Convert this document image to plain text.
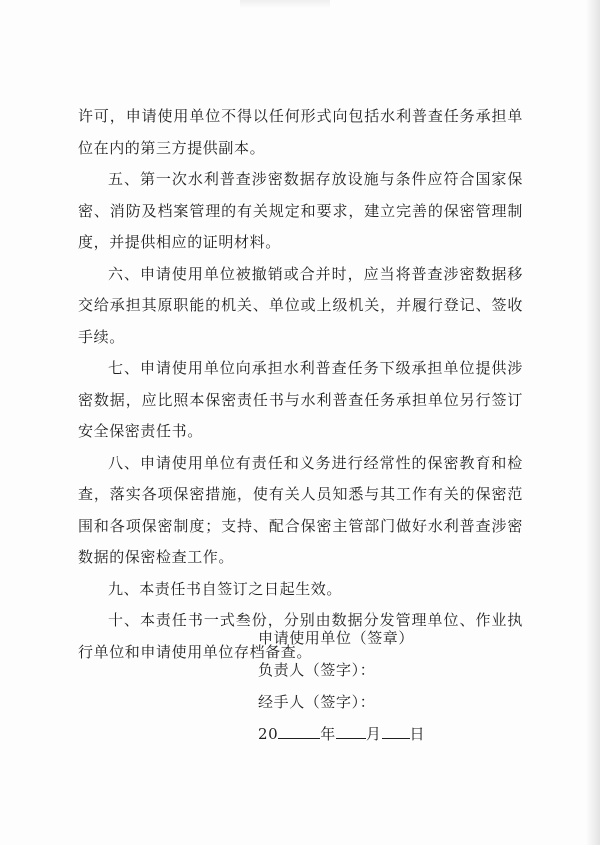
许可，申请使用单位不得以任何形式向包括水利普查任务承担单位在内的第三方提供副本。

五、第一次水利普查涉密数据存放设施与条件应符合国家保密、消防及档案管理的有关规定和要求，建立完善的保密管理制度，并提供相应的证明材料。

六、申请使用单位被撤销或合并时，应当将普查涉密数据移交给承担其原职能的机关、单位或上级机关，并履行登记、签收手续。

七、申请使用单位向承担水利普查任务下级承担单位提供涉密数据，应比照本保密责任书与水利普查任务承担单位另行签订安全保密责任书。

八、申请使用单位有责任和义务进行经常性的保密教育和检查，落实各项保密措施，使有关人员知悉与其工作有关的保密范围和各项保密制度；支持、配合保密主管部门做好水利普查涉密数据的保密检查工作。

九、本责任书自签订之日起生效。

十、本责任书一式叁份，分别由数据分发管理单位、作业执行单位和申请使用单位存档备查。

申请使用单位（签章）
负责人（签字）：
经手人（签字）：
20	年 月 日
